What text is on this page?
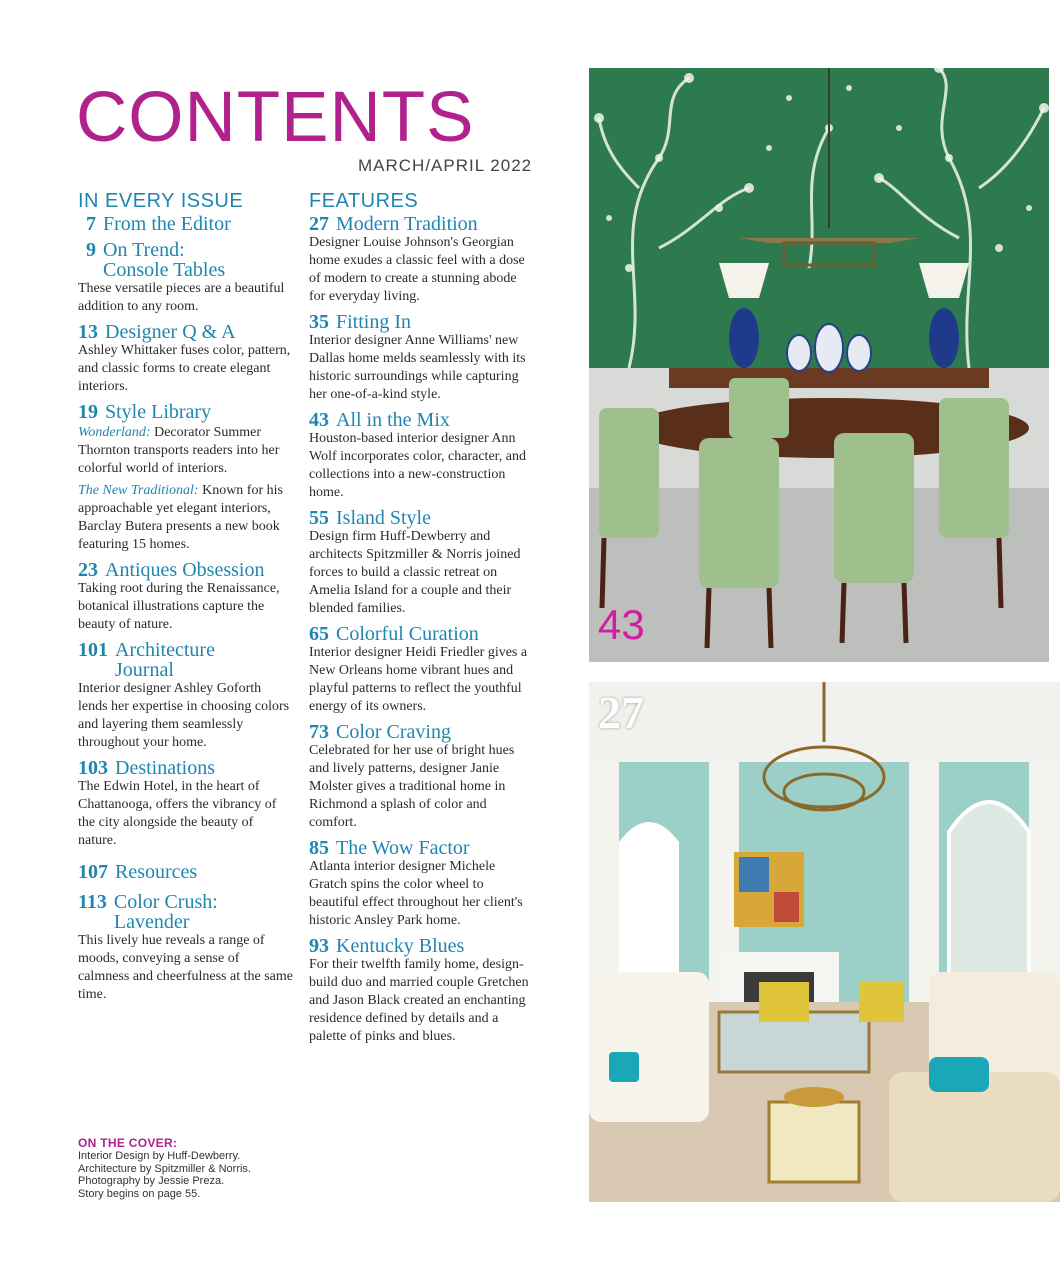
CONTENTS
MARCH/APRIL 2022
IN EVERY ISSUE
7 From the Editor
9 On Trend: Console Tables
These versatile pieces are a beautiful addition to any room.
13 Designer Q & A
Ashley Whittaker fuses color, pattern, and classic forms to create elegant interiors.
19 Style Library
Wonderland: Decorator Summer Thornton transports readers into her colorful world of interiors.
The New Traditional: Known for his approachable yet elegant interiors, Barclay Butera presents a new book featuring 15 homes.
23 Antiques Obsession
Taking root during the Renaissance, botanical illustrations capture the beauty of nature.
101 Architecture Journal
Interior designer Ashley Goforth lends her expertise in choosing colors and layering them seamlessly throughout your home.
103 Destinations
The Edwin Hotel, in the heart of Chattanooga, offers the vibrancy of the city alongside the beauty of nature.
107 Resources
113 Color Crush: Lavender
This lively hue reveals a range of moods, conveying a sense of calmness and cheerfulness at the same time.
ON THE COVER:
Interior Design by Huff-Dewberry.
Architecture by Spitzmiller & Norris.
Photography by Jessie Preza.
Story begins on page 55.
FEATURES
27 Modern Tradition
Designer Louise Johnson's Georgian home exudes a classic feel with a dose of modern to create a stunning abode for everyday living.
35 Fitting In
Interior designer Anne Williams' new Dallas home melds seamlessly with its historic surroundings while capturing her one-of-a-kind style.
43 All in the Mix
Houston-based interior designer Ann Wolf incorporates color, character, and collections into a new-construction home.
55 Island Style
Design firm Huff-Dewberry and architects Spitzmiller & Norris joined forces to build a classic retreat on Amelia Island for a couple and their blended families.
65 Colorful Curation
Interior designer Heidi Friedler gives a New Orleans home vibrant hues and playful patterns to reflect the youthful energy of its owners.
73 Color Craving
Celebrated for her use of bright hues and lively patterns, designer Janie Molster gives a traditional home in Richmond a splash of color and comfort.
85 The Wow Factor
Atlanta interior designer Michele Gratch spins the color wheel to beautiful effect throughout her client's historic Ansley Park home.
93 Kentucky Blues
For their twelfth family home, design-build duo and married couple Gretchen and Jason Black created an enchanting residence defined by details and a palette of pinks and blues.
43
27
